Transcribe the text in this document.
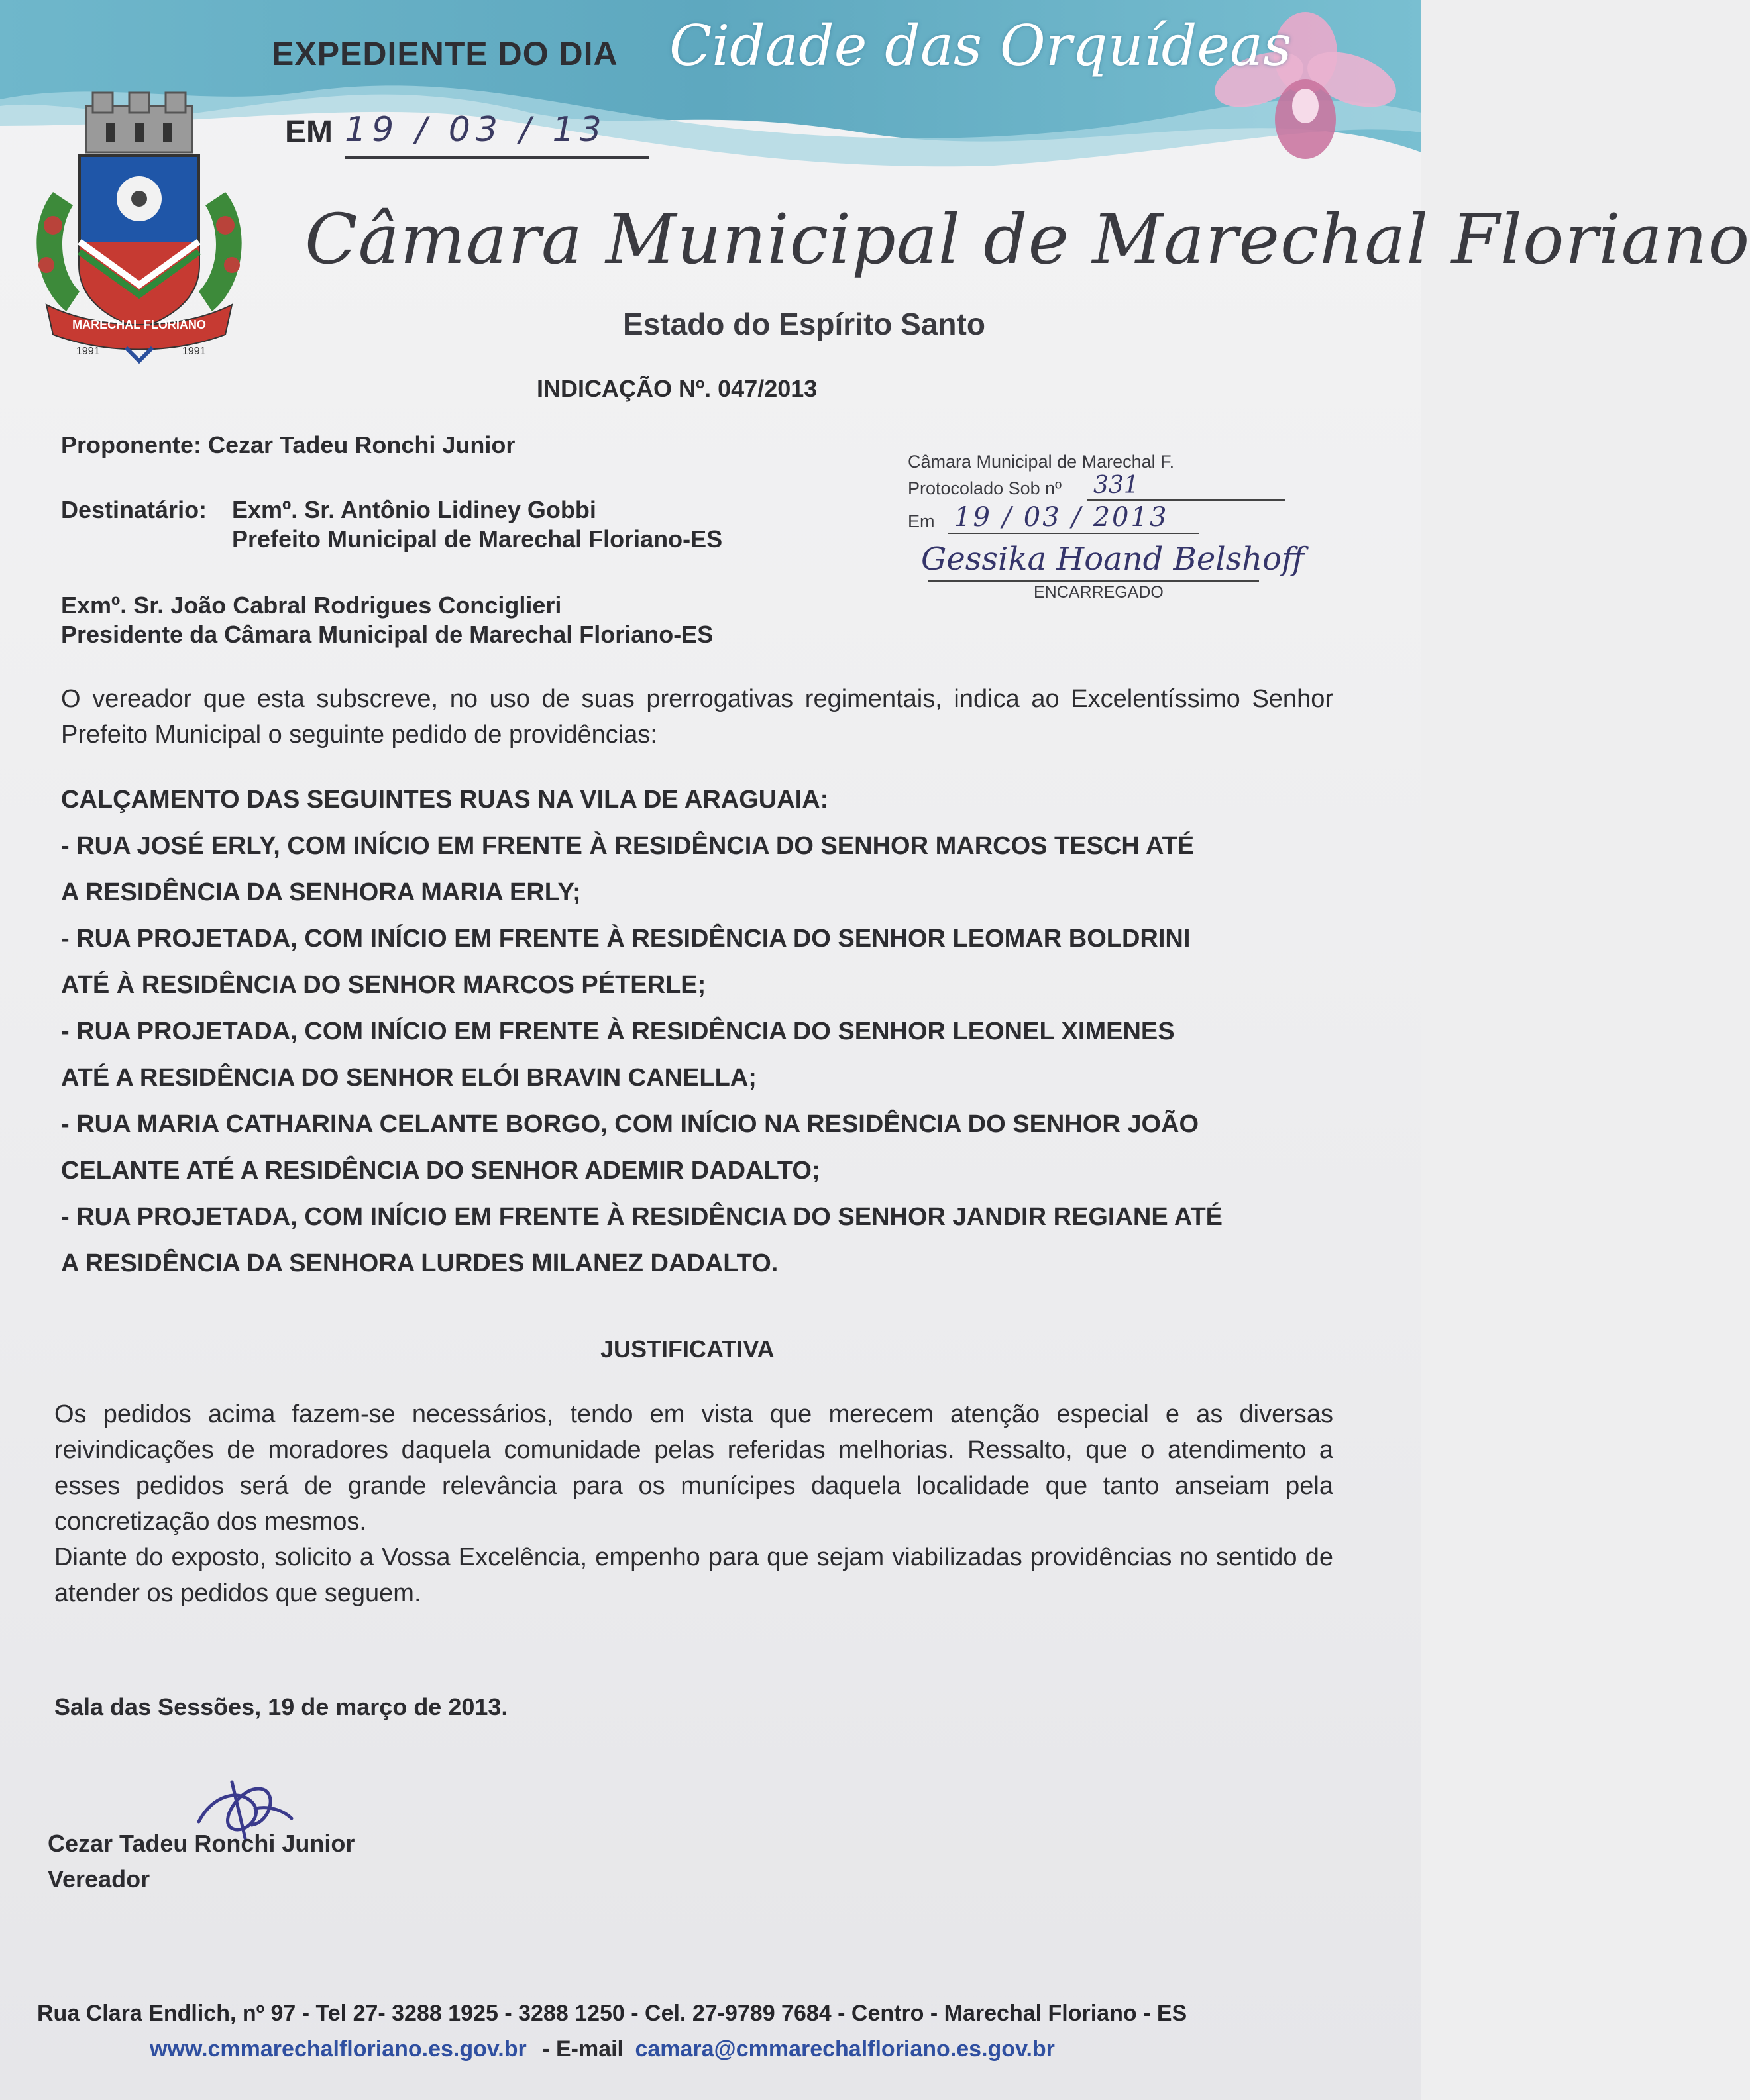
MARECHAL FLORIANO
1991	1991
EXPEDIENTE DO DIA
EM 19 / 03 / 13
Cidade das Orquídeas
Câmara Municipal de Marechal Floriano
Estado do Espírito Santo
INDICAÇÃO Nº. 047/2013
Proponente: Cezar Tadeu Ronchi Junior
Destinatário: Exmº. Sr. Antônio Lidiney Gobbi
Prefeito Municipal de Marechal Floriano-ES
Exmº. Sr. João Cabral Rodrigues Conciglieri
Presidente da Câmara Municipal de Marechal Floriano-ES
Câmara Municipal de Marechal F.
Protocolado Sob nº 331
Em 19 / 03 / 2013
Gessika Hoand Belshoff
ENCARREGADO
O vereador que esta subscreve, no uso de suas prerrogativas regimentais, indica ao Excelentíssimo Senhor Prefeito Municipal o seguinte pedido de providências:
CALÇAMENTO DAS SEGUINTES RUAS NA VILA DE ARAGUAIA:
- RUA JOSÉ ERLY, COM INÍCIO EM FRENTE À RESIDÊNCIA DO SENHOR MARCOS TESCH ATÉ
A RESIDÊNCIA DA SENHORA MARIA ERLY;
- RUA PROJETADA, COM INÍCIO EM FRENTE À RESIDÊNCIA DO SENHOR LEOMAR BOLDRINI
ATÉ À RESIDÊNCIA DO SENHOR MARCOS PÉTERLE;
- RUA PROJETADA, COM INÍCIO EM FRENTE À RESIDÊNCIA DO SENHOR LEONEL XIMENES
ATÉ A RESIDÊNCIA DO SENHOR ELÓI BRAVIN CANELLA;
- RUA MARIA CATHARINA CELANTE BORGO, COM INÍCIO NA RESIDÊNCIA DO SENHOR JOÃO
CELANTE ATÉ A RESIDÊNCIA DO SENHOR ADEMIR DADALTO;
- RUA PROJETADA, COM INÍCIO EM FRENTE À RESIDÊNCIA DO SENHOR JANDIR REGIANE ATÉ
A RESIDÊNCIA DA SENHORA LURDES MILANEZ DADALTO.
JUSTIFICATIVA
Os pedidos acima fazem-se necessários, tendo em vista que merecem atenção especial e as diversas reivindicações de moradores daquela comunidade pelas referidas melhorias. Ressalto, que o atendimento a esses pedidos será de grande relevância para os munícipes daquela localidade que tanto anseiam pela concretização dos mesmos.
Diante do exposto, solicito a Vossa Excelência, empenho para que sejam viabilizadas providências no sentido de atender os pedidos que seguem.
Sala das Sessões, 19 de março de 2013.
Cezar Tadeu Ronchi Junior
Vereador
Rua Clara Endlich, nº 97 - Tel 27- 3288 1925 - 3288 1250 - Cel. 27-9789 7684 - Centro - Marechal Floriano - ES
www.cmmarechalfloriano.es.gov.br - E-mail camara@cmmarechalfloriano.es.gov.br
